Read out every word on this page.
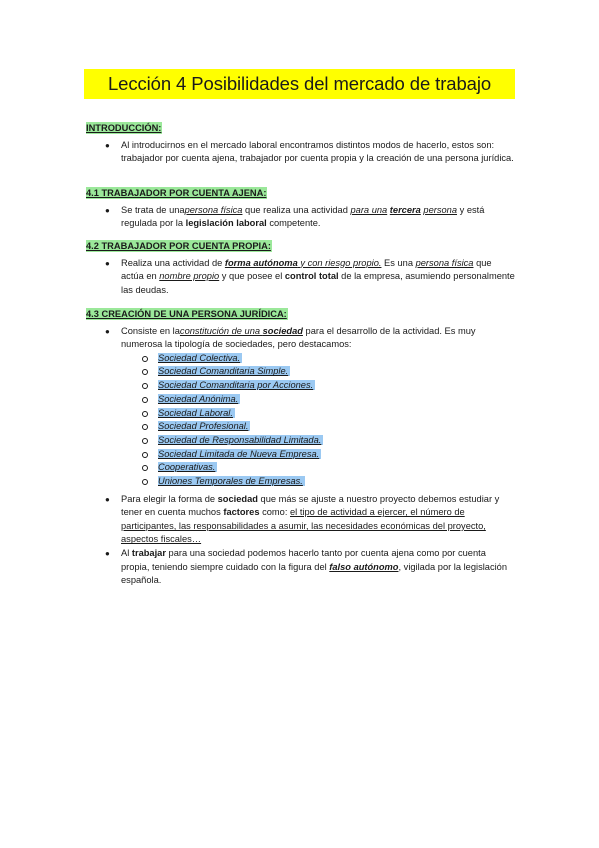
Lección 4 Posibilidades del mercado de trabajo
INTRODUCCIÓN:
● Al introducirnos en el mercado laboral encontramos distintos modos de hacerlo, estos son: trabajador por cuenta ajena, trabajador por cuenta propia y la creación de una persona jurídica.
4.1 TRABAJADOR POR CUENTA AJENA:
● Se trata de unapersona física que realiza una actividad para una tercera persona y está regulada por la legislación laboral competente.
4.2 TRABAJADOR POR CUENTA PROPIA:
● Realiza una actividad de forma autónoma y con riesgo propio. Es una persona física que actúa en nombre propio y que posee el control total de la empresa, asumiendo personalmente las deudas.
4.3 CREACIÓN DE UNA PERSONA JURÍDICA:
● Consiste en laconstitución de una sociedad para el desarrollo de la actividad. Es muy numerosa la tipología de sociedades, pero destacamos:
Sociedad Colectiva.
Sociedad Comanditaria Simple.
Sociedad Comanditaria por Acciones.
Sociedad Anónima.
Sociedad Laboral.
Sociedad Profesional.
Sociedad de Responsabilidad Limitada.
Sociedad Limitada de Nueva Empresa.
Cooperativas.
Uniones Temporales de Empresas.
● Para elegir la forma de sociedad que más se ajuste a nuestro proyecto debemos estudiar y tener en cuenta muchos factores como: el tipo de actividad a ejercer, el número de participantes, las responsabilidades a asumir, las necesidades económicas del proyecto, aspectos fiscales…
● Al trabajar para una sociedad podemos hacerlo tanto por cuenta ajena como por cuenta propia, teniendo siempre cuidado con la figura del falso autónomo, vigilada por la legislación española.
